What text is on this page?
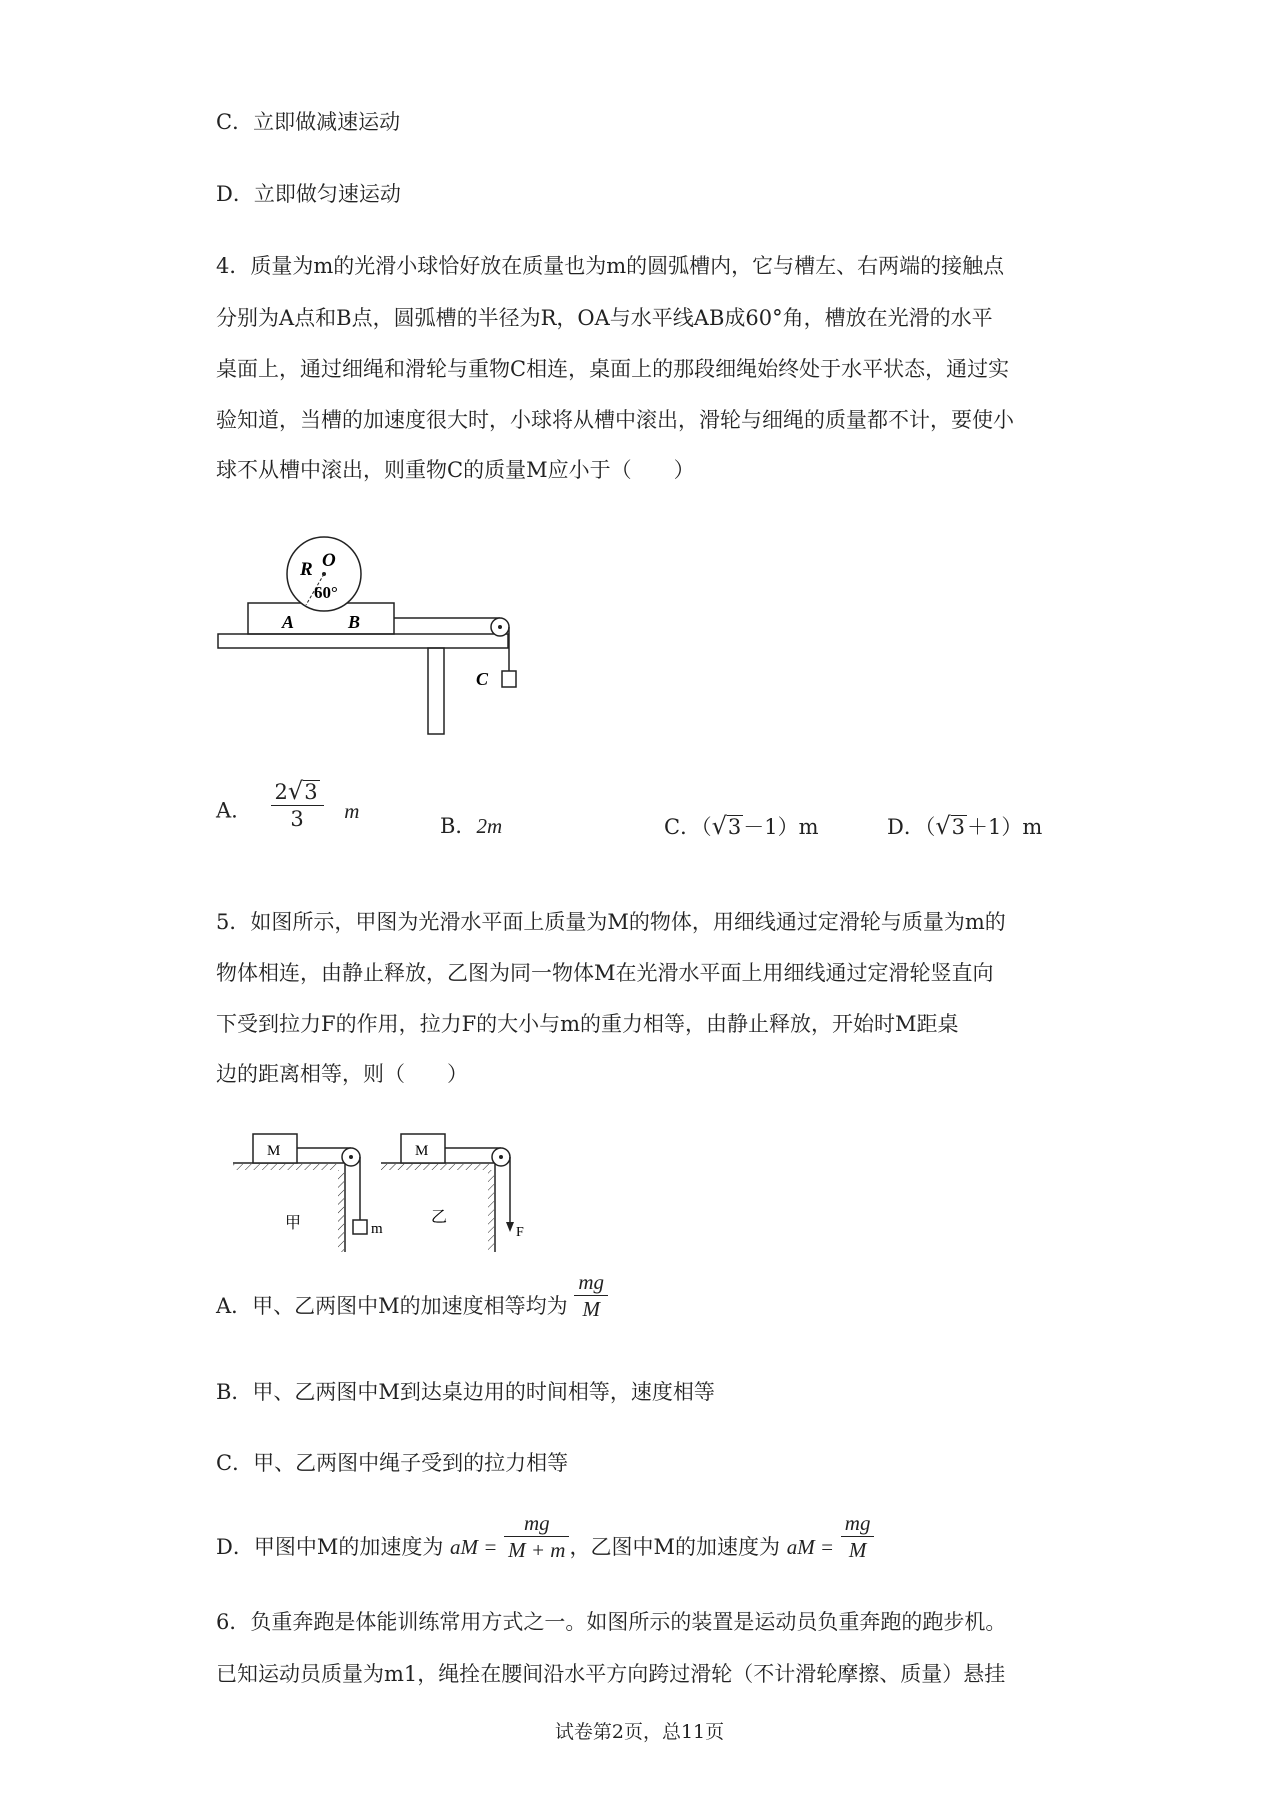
C．立即做减速运动
D．立即做匀速运动
4．质量为m的光滑小球恰好放在质量也为m的圆弧槽内，它与槽左、右两端的接触点
分别为A点和B点，圆弧槽的半径为R，OA与水平线AB成60°角，槽放在光滑的水平
桌面上，通过细绳和滑轮与重物C相连，桌面上的那段细绳始终处于水平状态，通过实
验知道，当槽的加速度很大时，小球将从槽中滚出，滑轮与细绳的质量都不计，要使小
球不从槽中滚出，则重物C的质量M应小于（　　）
R O
60°
A	B
C
A. $\frac{2√3}{3}$ m
B．2m	C．（√3－1）m	D．（√3＋1）m
5．如图所示，甲图为光滑水平面上质量为M的物体，用细线通过定滑轮与质量为m的
物体相连，由静止释放，乙图为同一物体M在光滑水平面上用细线通过定滑轮竖直向
下受到拉力F的作用，拉力F的大小与m的重力相等，由静止释放，开始时M距桌
边的距离相等，则（　　）
M
甲	m
M
乙
F
A．甲、乙两图中M的加速度相等均为 $\frac{mg}{M}$
B．甲、乙两图中M到达桌边用的时间相等，速度相等
C．甲、乙两图中绳子受到的拉力相等
D．甲图中M的加速度为 aM = $\frac{mg}{M + m}$ ，乙图中M的加速度为 aM = $\frac{mg}{M}$
6．负重奔跑是体能训练常用方式之一。如图所示的装置是运动员负重奔跑的跑步机。
已知运动员质量为m1，绳拴在腰间沿水平方向跨过滑轮（不计滑轮摩擦、质量）悬挂
试卷第2页，总11页
